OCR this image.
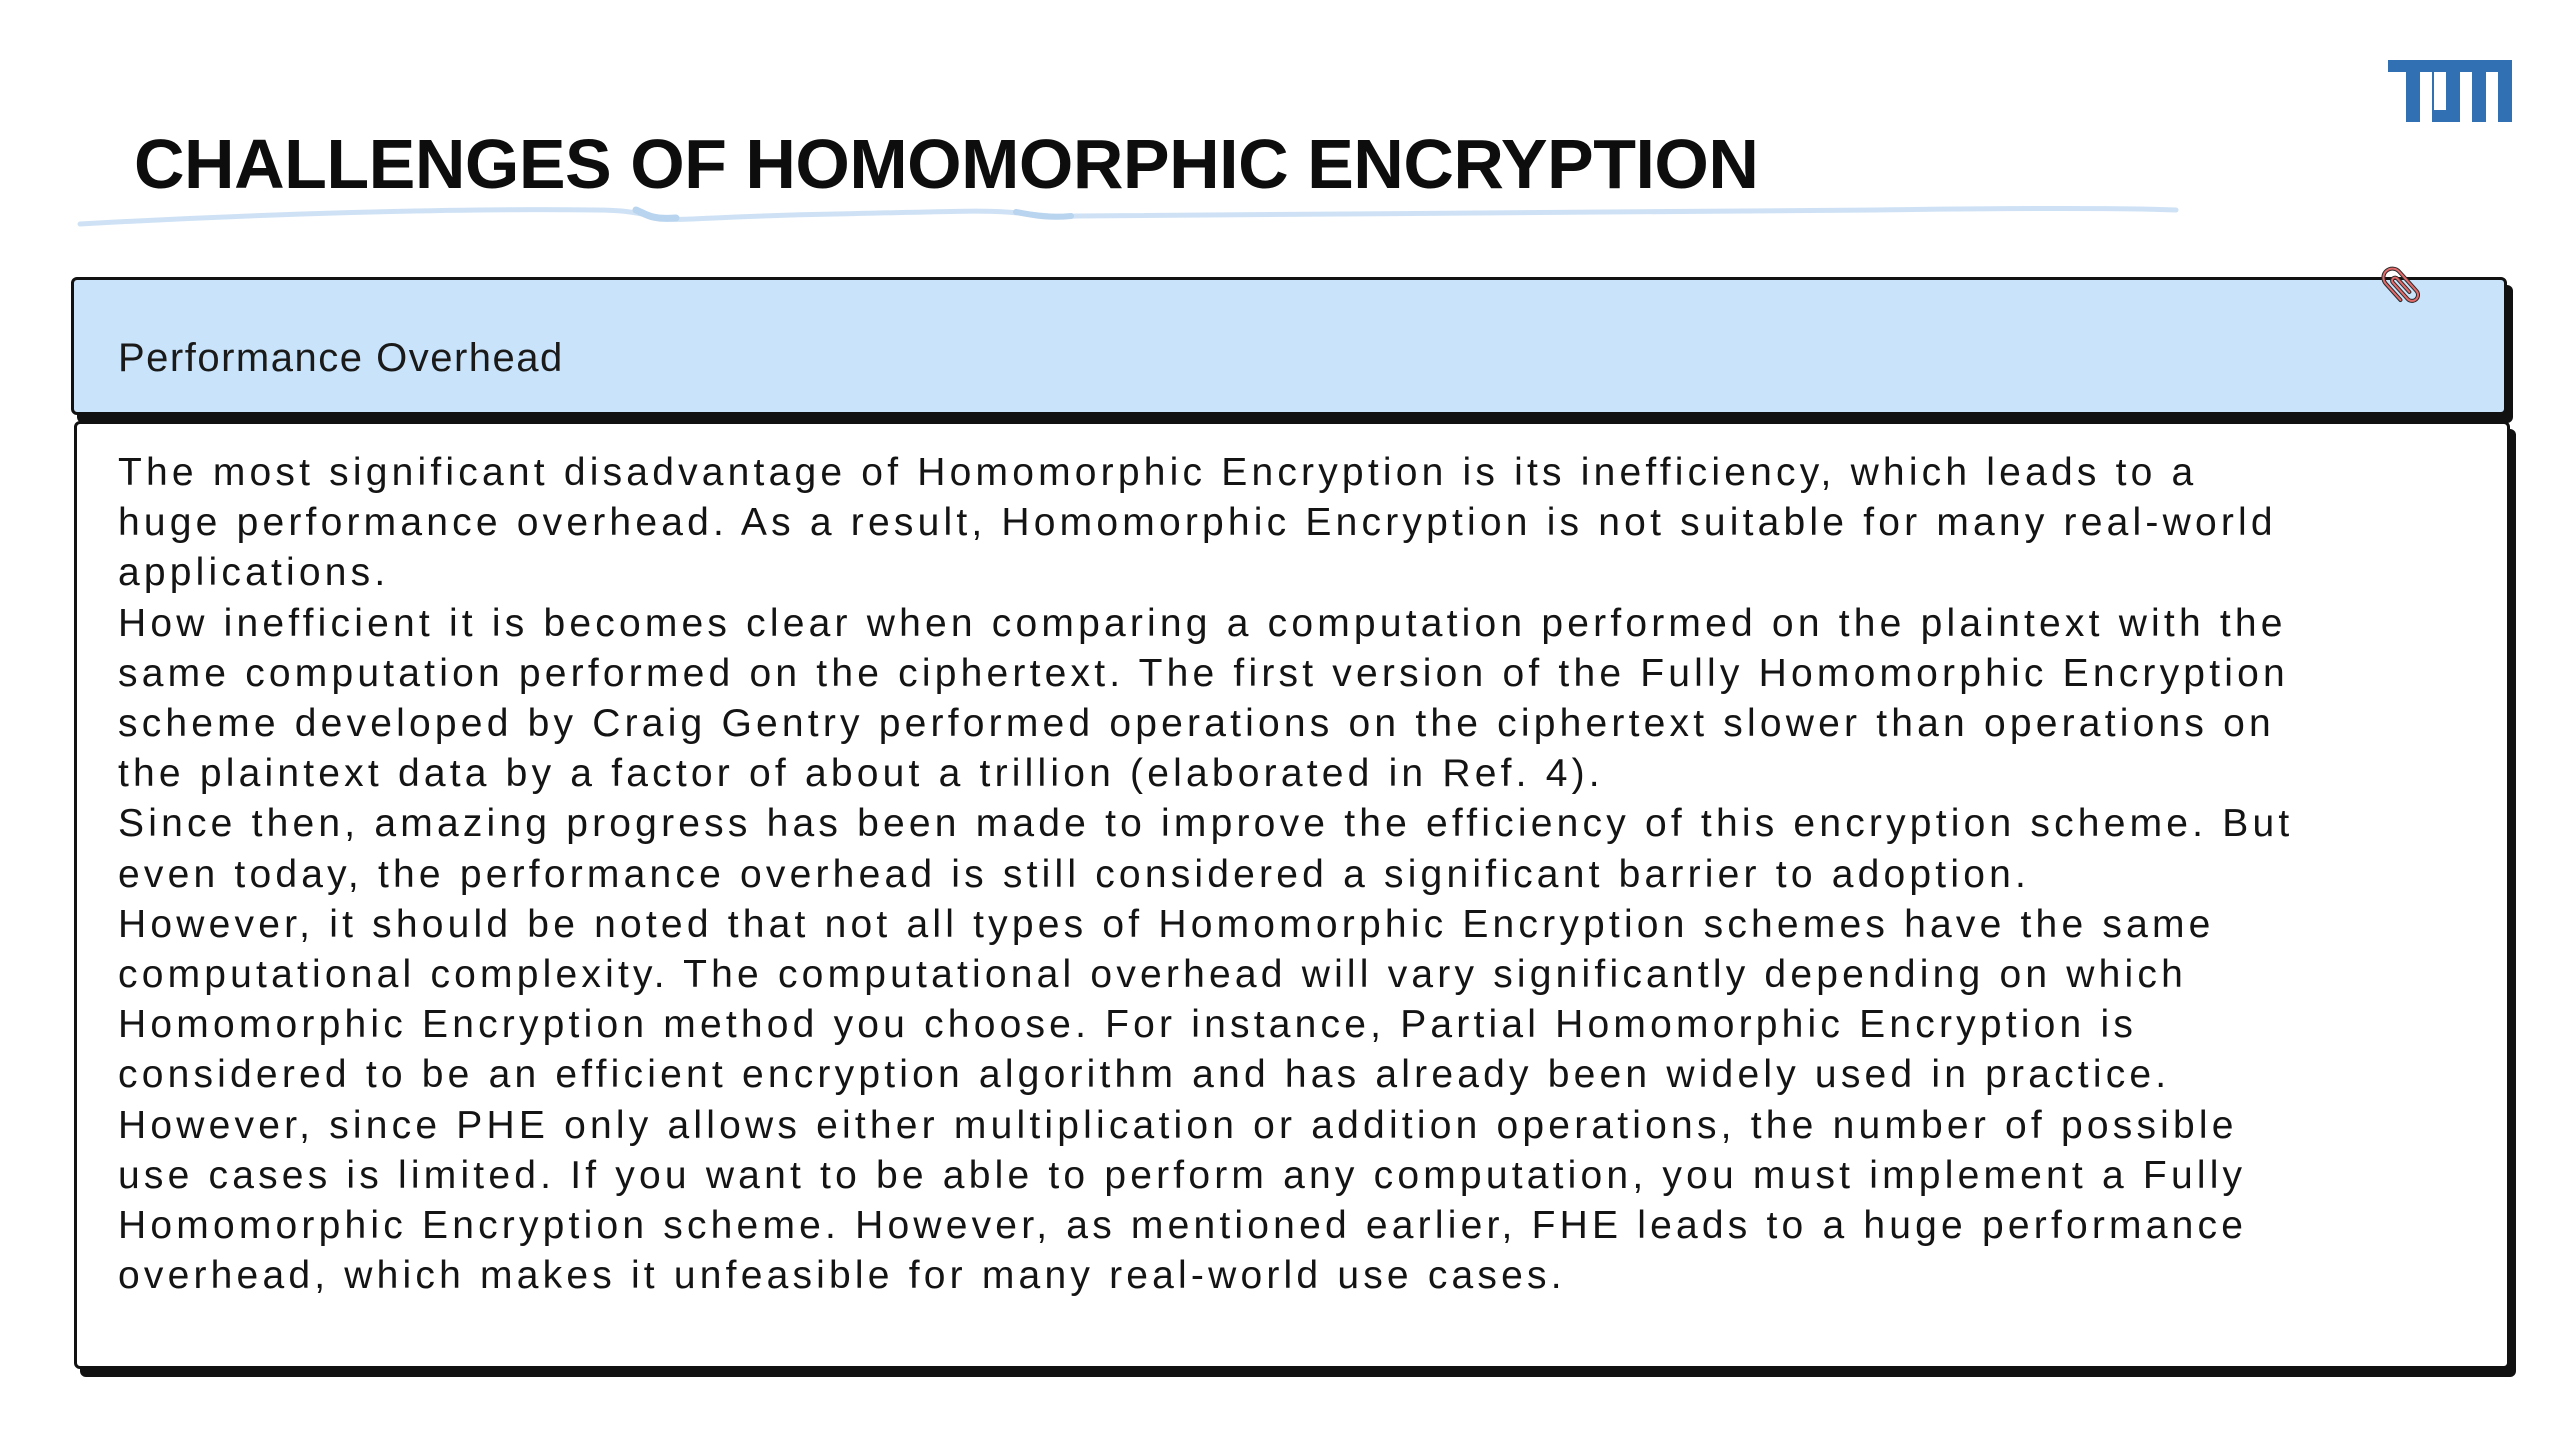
CHALLENGES OF HOMOMORPHIC ENCRYPTION
Performance Overhead

The most significant disadvantage of Homomorphic Encryption is its inefficiency, which leads to a

huge performance overhead. As a result, Homomorphic Encryption is not suitable for many real-world

applications.

How inefficient it is becomes clear when comparing a computation performed on the plaintext with the

same computation performed on the ciphertext. The first version of the Fully Homomorphic Encryption

scheme developed by Craig Gentry performed operations on the ciphertext slower than operations on

the plaintext data by a factor of about a trillion (elaborated in Ref. 4).

Since then, amazing progress has been made to improve the efficiency of this encryption scheme. But

even today, the performance overhead is still considered a significant barrier to adoption.

However, it should be noted that not all types of Homomorphic Encryption schemes have the same

computational complexity. The computational overhead will vary significantly depending on which

Homomorphic Encryption method you choose. For instance, Partial Homomorphic Encryption is

considered to be an efficient encryption algorithm and has already been widely used in practice.

However, since PHE only allows either multiplication or addition operations, the number of possible

use cases is limited. If you want to be able to perform any computation, you must implement a Fully

Homomorphic Encryption scheme. However, as mentioned earlier, FHE leads to a huge performance

overhead, which makes it unfeasible for many real-world use cases.
